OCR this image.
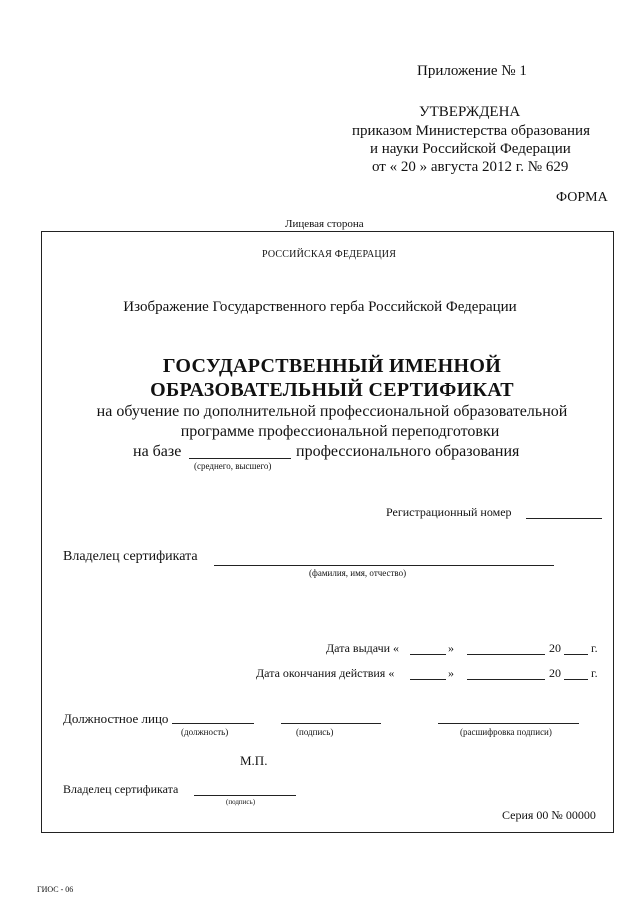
Приложение № 1
УТВЕРЖДЕНА
приказом Министерства образования
и науки Российской Федерации
от « 20 » августа 2012 г. № 629
ФОРМА
Лицевая сторона
РОССИЙСКАЯ ФЕДЕРАЦИЯ
Изображение Государственного герба Российской Федерации
ГОСУДАРСТВЕННЫЙ ИМЕННОЙ
ОБРАЗОВАТЕЛЬНЫЙ СЕРТИФИКАТ
на обучение по дополнительной профессиональной образовательной
программе профессиональной переподготовки
на базе	профессионального образования
(среднего, высшего)
Регистрационный номер
Владелец сертификата
(фамилия, имя, отчество)
Дата выдачи «	»	20	г.
Дата окончания действия «	»	20	г.
Должностное лицо
(должность)	(подпись)	(расшифровка подписи)
М.П.
Владелец сертификата
(подпись)
Серия 00 № 00000
ГИОС - 06
